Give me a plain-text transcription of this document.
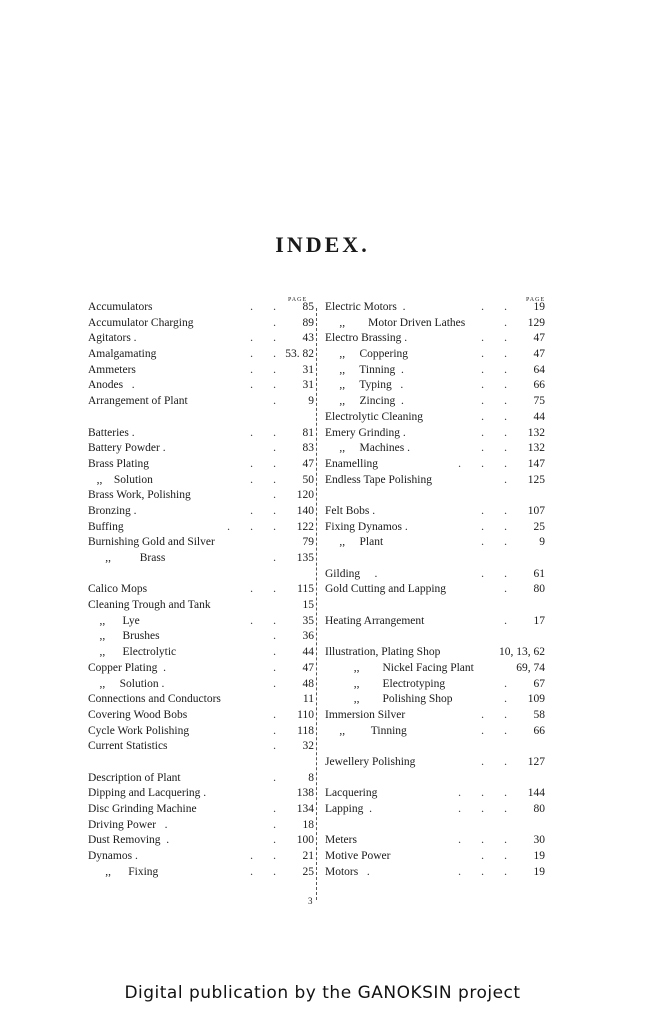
INDEX.
PAGE	PAGE
Accumulators	.       . 85
Accumulator Charging	. 89
Agitators .	.       . 43
Amalgamating	.       . 53. 82
Ammeters	.       . 31
Anodes   .	.       . 31
Arrangement of Plant	.	9
Batteries .	.       . 81
Battery Powder .	. 83
Brass Plating	.       . 47
,,    Solution	.       . 50
Brass Work, Polishing	. 120
Bronzing .	.       . 140
Buffing	.       .       . 122
Burnishing Gold and Silver	79
,,          Brass	. 135
Calico Mops	.       . 115
Cleaning Trough and Tank	15
,,      Lye	.       . 35
,,      Brushes	. 36
,,      Electrolytic	. 44
Copper Plating  .	. 47
,,     Solution .	. 48
Connections and Conductors	11
Covering Wood Bobs	. 110
Cycle Work Polishing	. 118
Current Statistics	. 32
Description of Plant	.	8
Dipping and Lacquering .	138
Disc Grinding Machine	. 134
Driving Power   .	. 18
Dust Removing  .	. 100
Dynamos .	.       . 21
,,      Fixing	.       . 25
Electric Motors  .	.       . 19
,,        Motor Driven Lathes	. 129
Electro Brassing .	.       . 47
,,     Coppering	.       . 47
,,     Tinning  .	.       . 64
,,     Typing   .	.       . 66
,,     Zincing  .	.       . 75
Electrolytic Cleaning	.       . 44
Emery Grinding .	.       . 132
,,     Machines .	.       . 132
Enamelling	.       .       . 147
Endless Tape Polishing	. 125
Felt Bobs .	.       . 107
Fixing Dynamos .	.       . 25
,,     Plant	.       .	9
Gilding     .	.       . 61
Gold Cutting and Lapping	. 80
Heating Arrangement	. 17
Illustration, Plating Shop	10, 13, 62
,,        Nickel Facing Plant	69, 74
,,        Electrotyping	. 67
,,        Polishing Shop	. 109
Immersion Silver	.       . 58
,,         Tinning	.       . 66
Jewellery Polishing	.       . 127
Lacquering	.       .       . 144
Lapping  .	.       .       . 80
Meters	.       .       . 30
Motive Power	.       . 19
Motors   .	.       .       . 19
3
Digital publication by the GANOKSIN project
